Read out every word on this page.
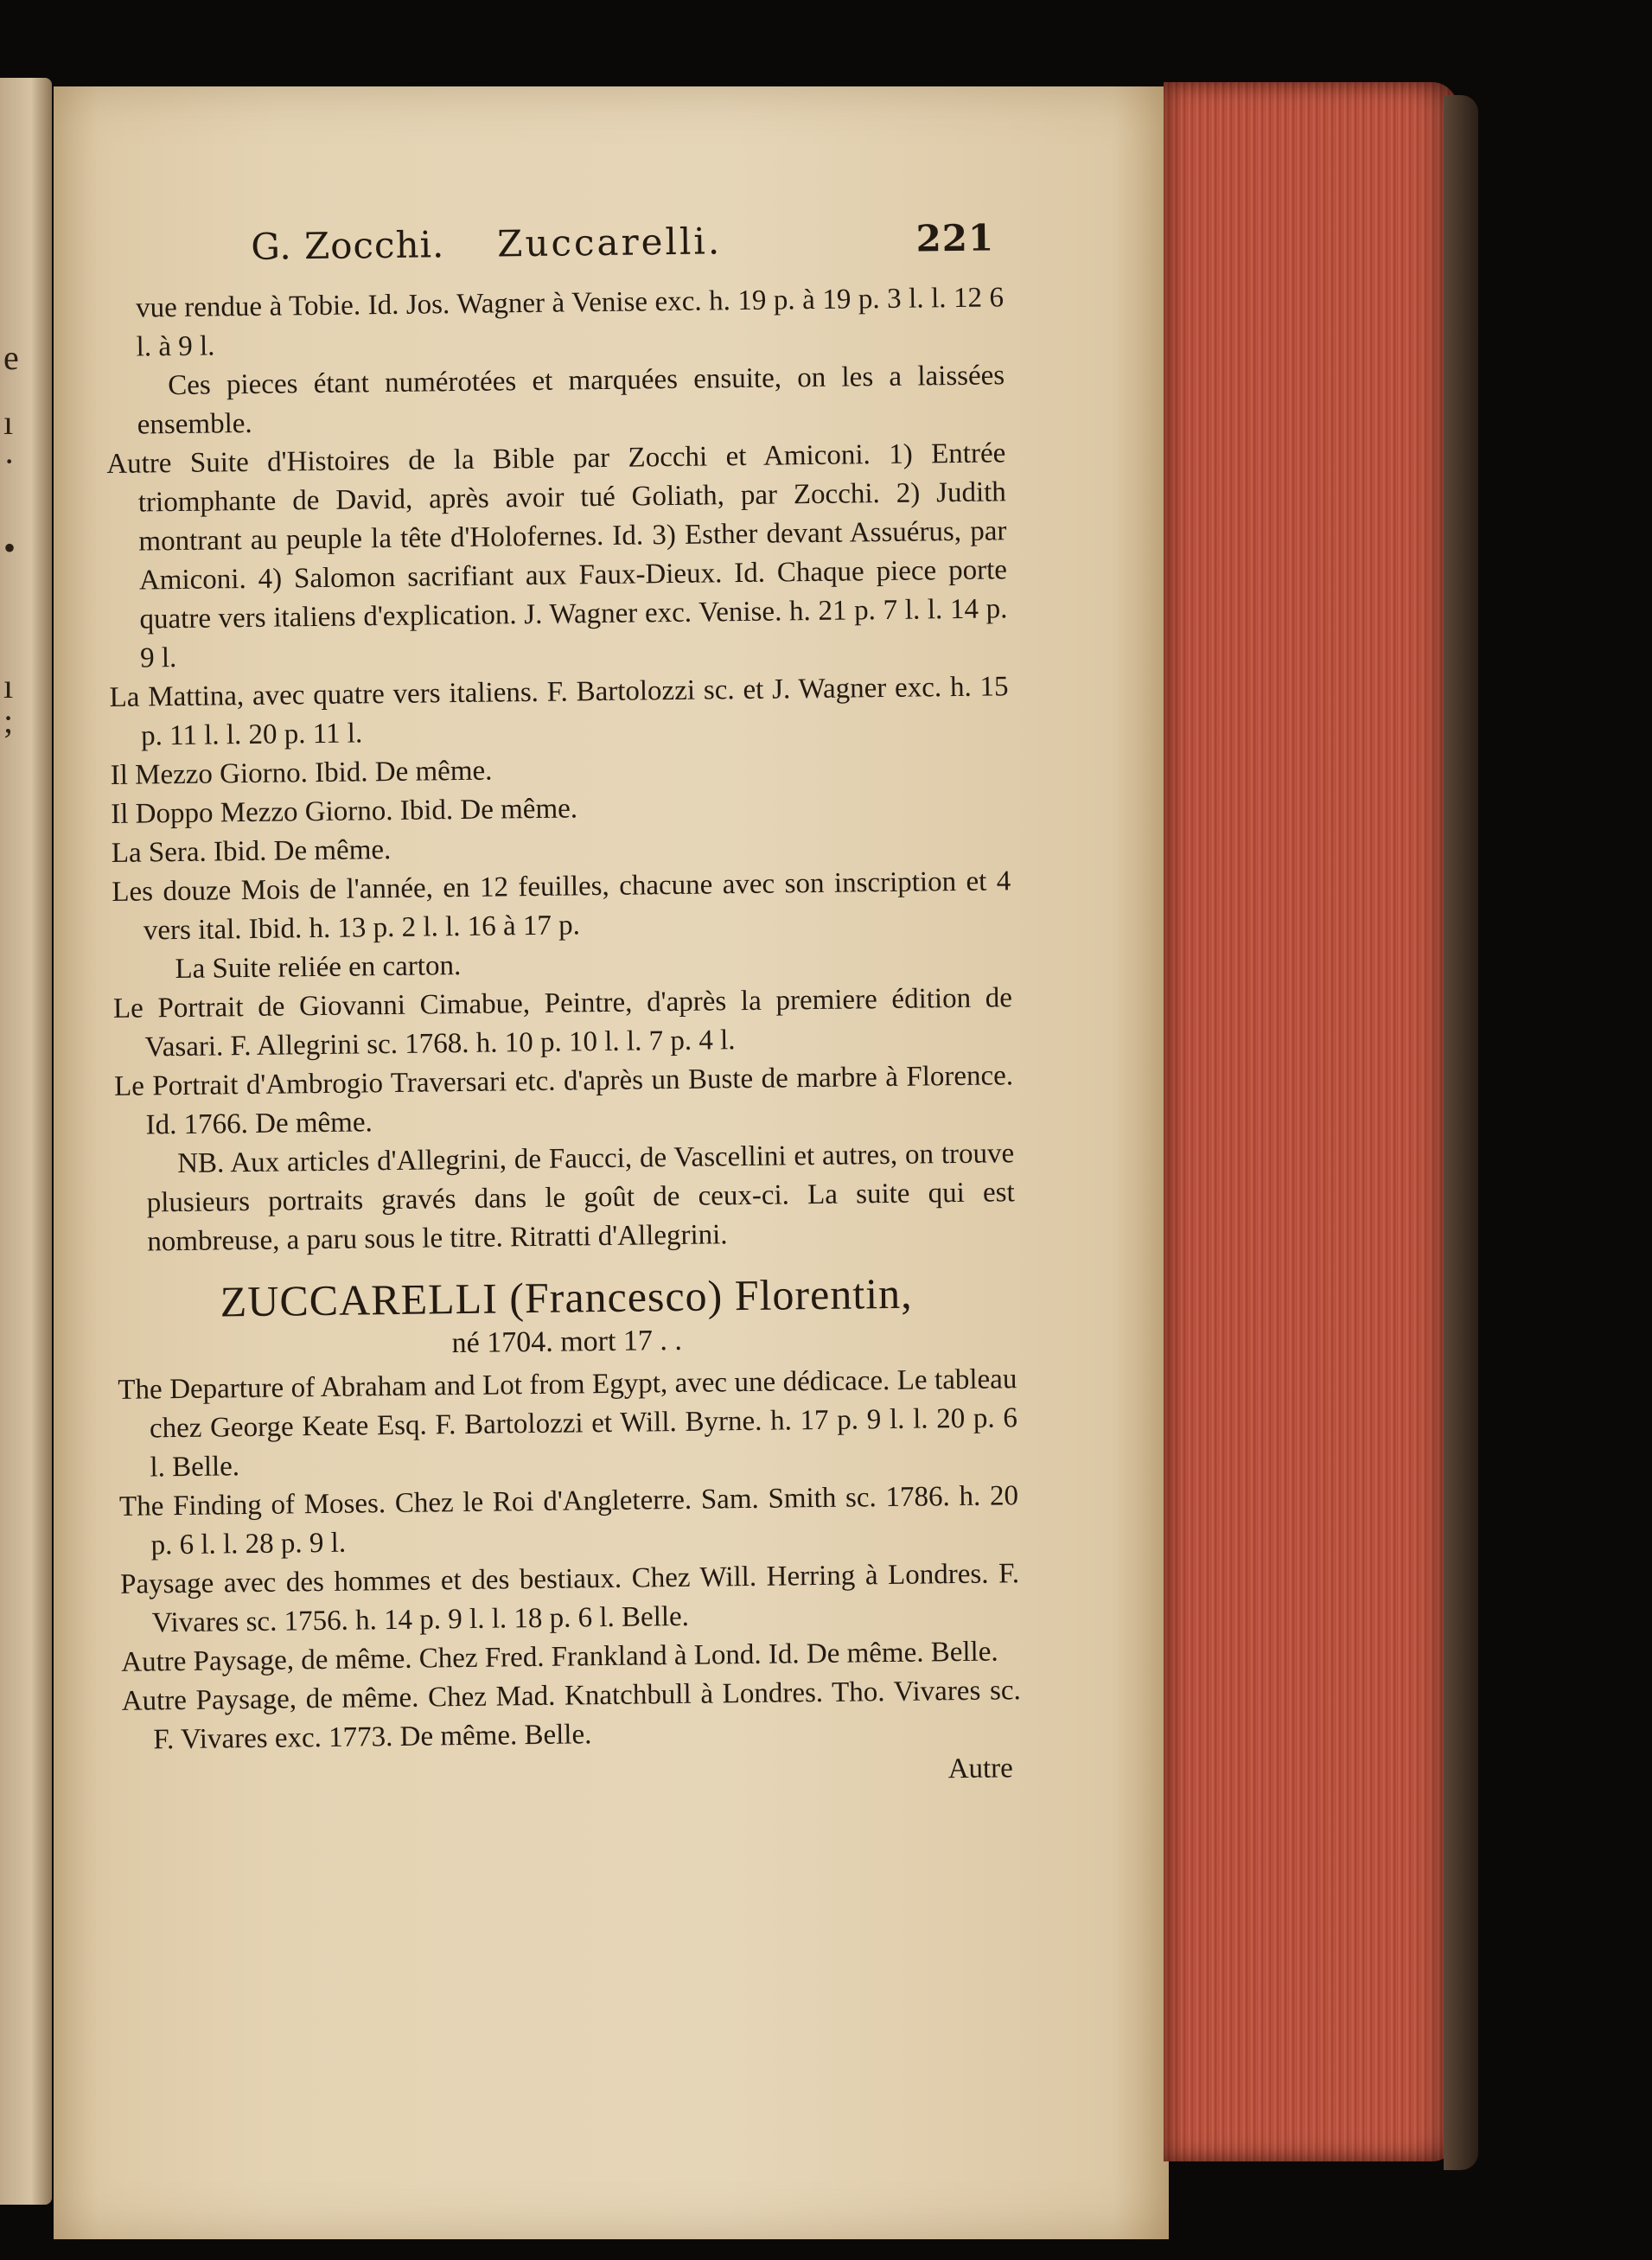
e
ı
·
•
ı
;
G. Zocchi. Zuccarelli.	221
vue rendue à Tobie. Id. Jos. Wagner à Venise exc. h. 19 p. à 19 p. 3 l. l. 12 6 l. à 9 l.
Ces pieces étant numérotées et marquées ensuite, on les a laissées ensemble.
Autre Suite d'Histoires de la Bible par Zocchi et Amiconi. 1) Entrée triomphante de David, après avoir tué Goliath, par Zocchi. 2) Judith montrant au peuple la tête d'Holofernes. Id. 3) Esther devant Assuérus, par Amiconi. 4) Salomon sacrifiant aux Faux-Dieux. Id. Chaque piece porte quatre vers italiens d'explication. J. Wagner exc. Venise. h. 21 p. 7 l. l. 14 p. 9 l.
La Mattina, avec quatre vers italiens. F. Bartolozzi sc. et J. Wagner exc. h. 15 p. 11 l. l. 20 p. 11 l.
Il Mezzo Giorno. Ibid. De même.
Il Doppo Mezzo Giorno. Ibid. De même.
La Sera. Ibid. De même.
Les douze Mois de l'année, en 12 feuilles, chacune avec son inscription et 4 vers ital. Ibid. h. 13 p. 2 l. l. 16 à 17 p.
La Suite reliée en carton.
Le Portrait de Giovanni Cimabue, Peintre, d'après la premiere édition de Vasari. F. Allegrini sc. 1768. h. 10 p. 10 l. l. 7 p. 4 l.
Le Portrait d'Ambrogio Traversari etc. d'après un Buste de marbre à Florence. Id. 1766. De même.
NB. Aux articles d'Allegrini, de Faucci, de Vascellini et autres, on trouve plusieurs portraits gravés dans le goût de ceux-ci. La suite qui est nombreuse, a paru sous le titre. Ritratti d'Allegrini.
ZUCCARELLI (Francesco) Florentin,
né 1704. mort 17 . .
The Departure of Abraham and Lot from Egypt, avec une dédicace. Le tableau chez George Keate Esq. F. Bartolozzi et Will. Byrne. h. 17 p. 9 l. l. 20 p. 6 l. Belle.
The Finding of Moses. Chez le Roi d'Angleterre. Sam. Smith sc. 1786. h. 20 p. 6 l. l. 28 p. 9 l.
Paysage avec des hommes et des bestiaux. Chez Will. Herring à Londres. F. Vivares sc. 1756. h. 14 p. 9 l. l. 18 p. 6 l. Belle.
Autre Paysage, de même. Chez Fred. Frankland à Lond. Id. De même. Belle.
Autre Paysage, de même. Chez Mad. Knatchbull à Londres. Tho. Vivares sc. F. Vivares exc. 1773. De même. Belle.
Autre
